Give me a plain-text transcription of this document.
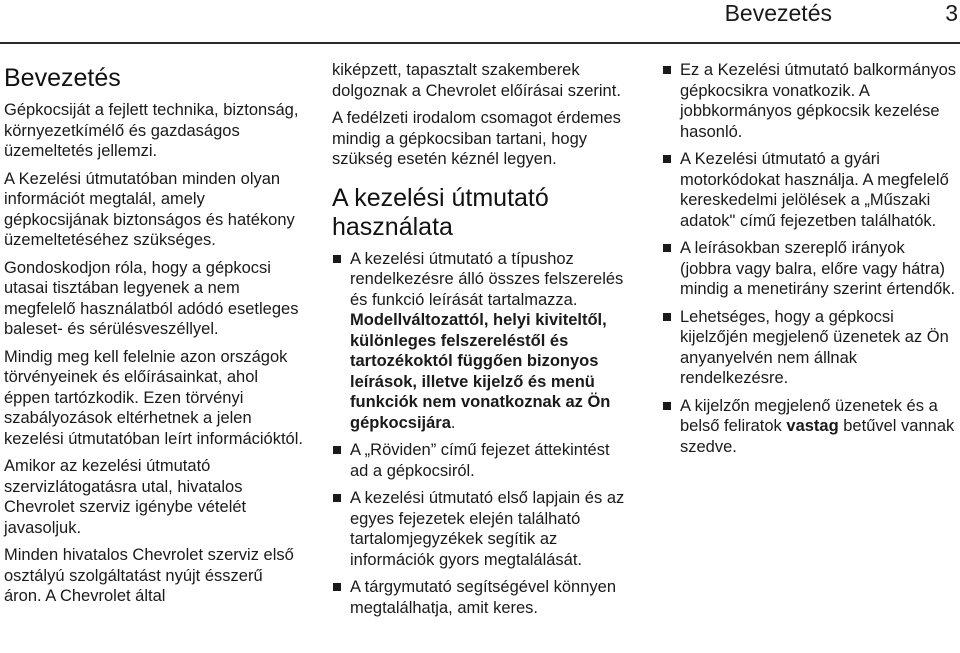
Bevezetés	3
Bevezetés

Gépkocsiját a fejlett technika, biztonság, környezetkímélő és gazdaságos üzemeltetés jellemzi.

A Kezelési útmutatóban minden olyan információt megtalál, amely gépkocsijának biztonságos és hatékony üzemeltetéséhez szükséges.

Gondoskodjon róla, hogy a gépkocsi utasai tisztában legyenek a nem megfelelő használatból adódó esetleges baleset- és sérülésveszéllyel.

Mindig meg kell felelnie azon országok törvényeinek és előírásainkat, ahol éppen tartózkodik. Ezen törvényi szabályozások eltérhetnek a jelen kezelési útmutatóban leírt információktól.

Amikor az kezelési útmutató szervizlátogatásra utal, hivatalos Chevrolet szerviz igénybe vételét javasoljuk.

Minden hivatalos Chevrolet szerviz első osztályú szolgáltatást nyújt ésszerű áron. A Chevrolet által

kiképzett, tapasztalt szakemberek dolgoznak a Chevrolet előírásai szerint.

A fedélzeti irodalom csomagot érdemes mindig a gépkocsiban tartani, hogy szükség esetén kéznél legyen.

A kezelési útmutató használata
A kezelési útmutató a típushoz rendelkezésre álló összes felszerelés és funkció leírását tartalmazza. Modellváltozattól, helyi kiviteltől, különleges felszereléstől és tartozékoktól függően bizonyos leírások, illetve kijelző és menü funkciók nem vonatkoznak az Ön gépkocsijára.
A „Röviden” című fejezet áttekintést ad a gépkocsiról.
A kezelési útmutató első lapjain és az egyes fejezetek elején található tartalomjegyzékek segítik az információk gyors megtalálását.
A tárgymutató segítségével könnyen megtalálhatja, amit keres.
Ez a Kezelési útmutató balkormányos gépkocsikra vonatkozik. A jobbkormányos gépkocsik kezelése hasonló.
A Kezelési útmutató a gyári motorkódokat használja. A megfelelő kereskedelmi jelölések a „Műszaki adatok" című fejezetben találhatók.
A leírásokban szereplő irányok (jobbra vagy balra, előre vagy hátra) mindig a menetirány szerint értendők.
Lehetséges, hogy a gépkocsi kijelzőjén megjelenő üzenetek az Ön anyanyelvén nem állnak rendelkezésre.
A kijelzőn megjelenő üzenetek és a belső feliratok vastag betűvel vannak szedve.
